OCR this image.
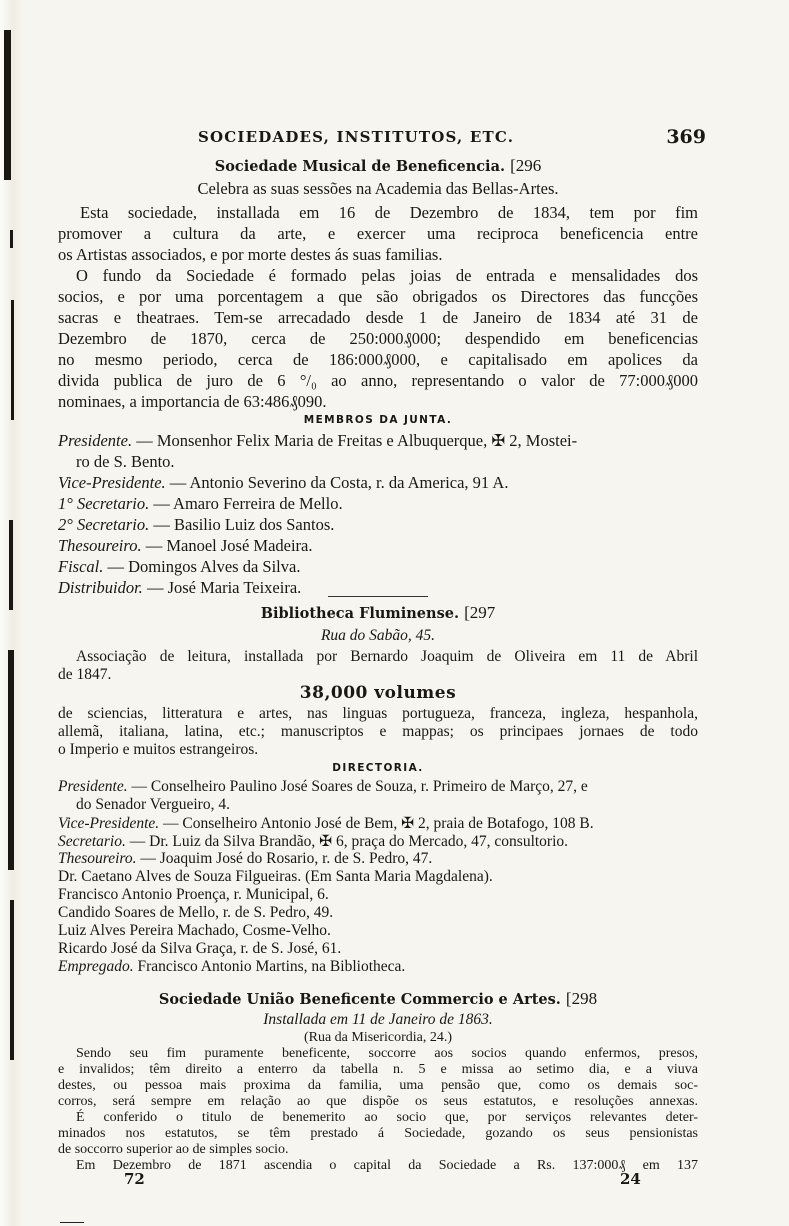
SOCIEDADES, INSTITUTOS, ETC.	369
Sociedade Musical de Beneficencia. [296
Celebra as suas sessões na Academia das Bellas-Artes.
Esta sociedade, installada em 16 de Dezembro de 1834, tem por fim
promover a cultura da arte, e exercer uma reciproca beneficencia entre
os Artistas associados, e por morte destes ás suas familias.
O fundo da Sociedade é formado pelas joias de entrada e mensalidades dos
socios, e por uma porcentagem a que são obrigados os Directores das funcções
sacras e theatraes. Tem-se arrecadado desde 1 de Janeiro de 1834 até 31 de
Dezembro de 1870, cerca de 250:000₰000; despendido em beneficencias
no mesmo periodo, cerca de 186:000₰000, e capitalisado em apolices da
divida publica de juro de 6 °/₀ ao anno, representando o valor de 77:000₰000
nominaes, a importancia de 63:486₰090.
MEMBROS DA JUNTA.
Presidente. — Monsenhor Felix Maria de Freitas e Albuquerque, ✠ 2, Mostei-
ro de S. Bento.
Vice-Presidente. — Antonio Severino da Costa, r. da America, 91 A.
1° Secretario. — Amaro Ferreira de Mello.
2° Secretario. — Basilio Luiz dos Santos.
Thesoureiro. — Manoel José Madeira.
Fiscal. — Domingos Alves da Silva.
Distribuidor. — José Maria Teixeira.
Bibliotheca Fluminense. [297
Rua do Sabão, 45.
Associação de leitura, installada por Bernardo Joaquim de Oliveira em 11 de Abril
de 1847.
38,000 volumes
de sciencias, litteratura e artes, nas linguas portugueza, franceza, ingleza, hespanhola,
allemã, italiana, latina, etc.; manuscriptos e mappas; os principaes jornaes de todo
o Imperio e muitos estrangeiros.
DIRECTORIA.
Presidente. — Conselheiro Paulino José Soares de Souza, r. Primeiro de Março, 27, e
do Senador Vergueiro, 4.
Vice-Presidente. — Conselheiro Antonio José de Bem, ✠ 2, praia de Botafogo, 108 B.
Secretario. — Dr. Luiz da Silva Brandão, ✠ 6, praça do Mercado, 47, consultorio.
Thesoureiro. — Joaquim José do Rosario, r. de S. Pedro, 47.
Dr. Caetano Alves de Souza Filgueiras. (Em Santa Maria Magdalena).
Francisco Antonio Proença, r. Municipal, 6.
Candido Soares de Mello, r. de S. Pedro, 49.
Luiz Alves Pereira Machado, Cosme-Velho.
Ricardo José da Silva Graça, r. de S. José, 61.
Empregado. Francisco Antonio Martins, na Bibliotheca.
Sociedade União Beneficente Commercio e Artes. [298
Installada em 11 de Janeiro de 1863.
(Rua da Misericordia, 24.)
Sendo seu fim puramente beneficente, soccorre aos socios quando enfermos, presos,
e invalidos; têm direito a enterro da tabella n. 5 e missa ao setimo dia, e a viuva
destes, ou pessoa mais proxima da familia, uma pensão que, como os demais soc-
corros, será sempre em relação ao que dispõe os seus estatutos, e resoluções annexas.
É conferido o titulo de benemerito ao socio que, por serviços relevantes deter-
minados nos estatutos, se têm prestado á Sociedade, gozando os seus pensionistas
de soccorro superior ao de simples socio.
Em Dezembro de 1871 ascendia o capital da Sociedade a Rs. 137:000₰ em 137
72	24
